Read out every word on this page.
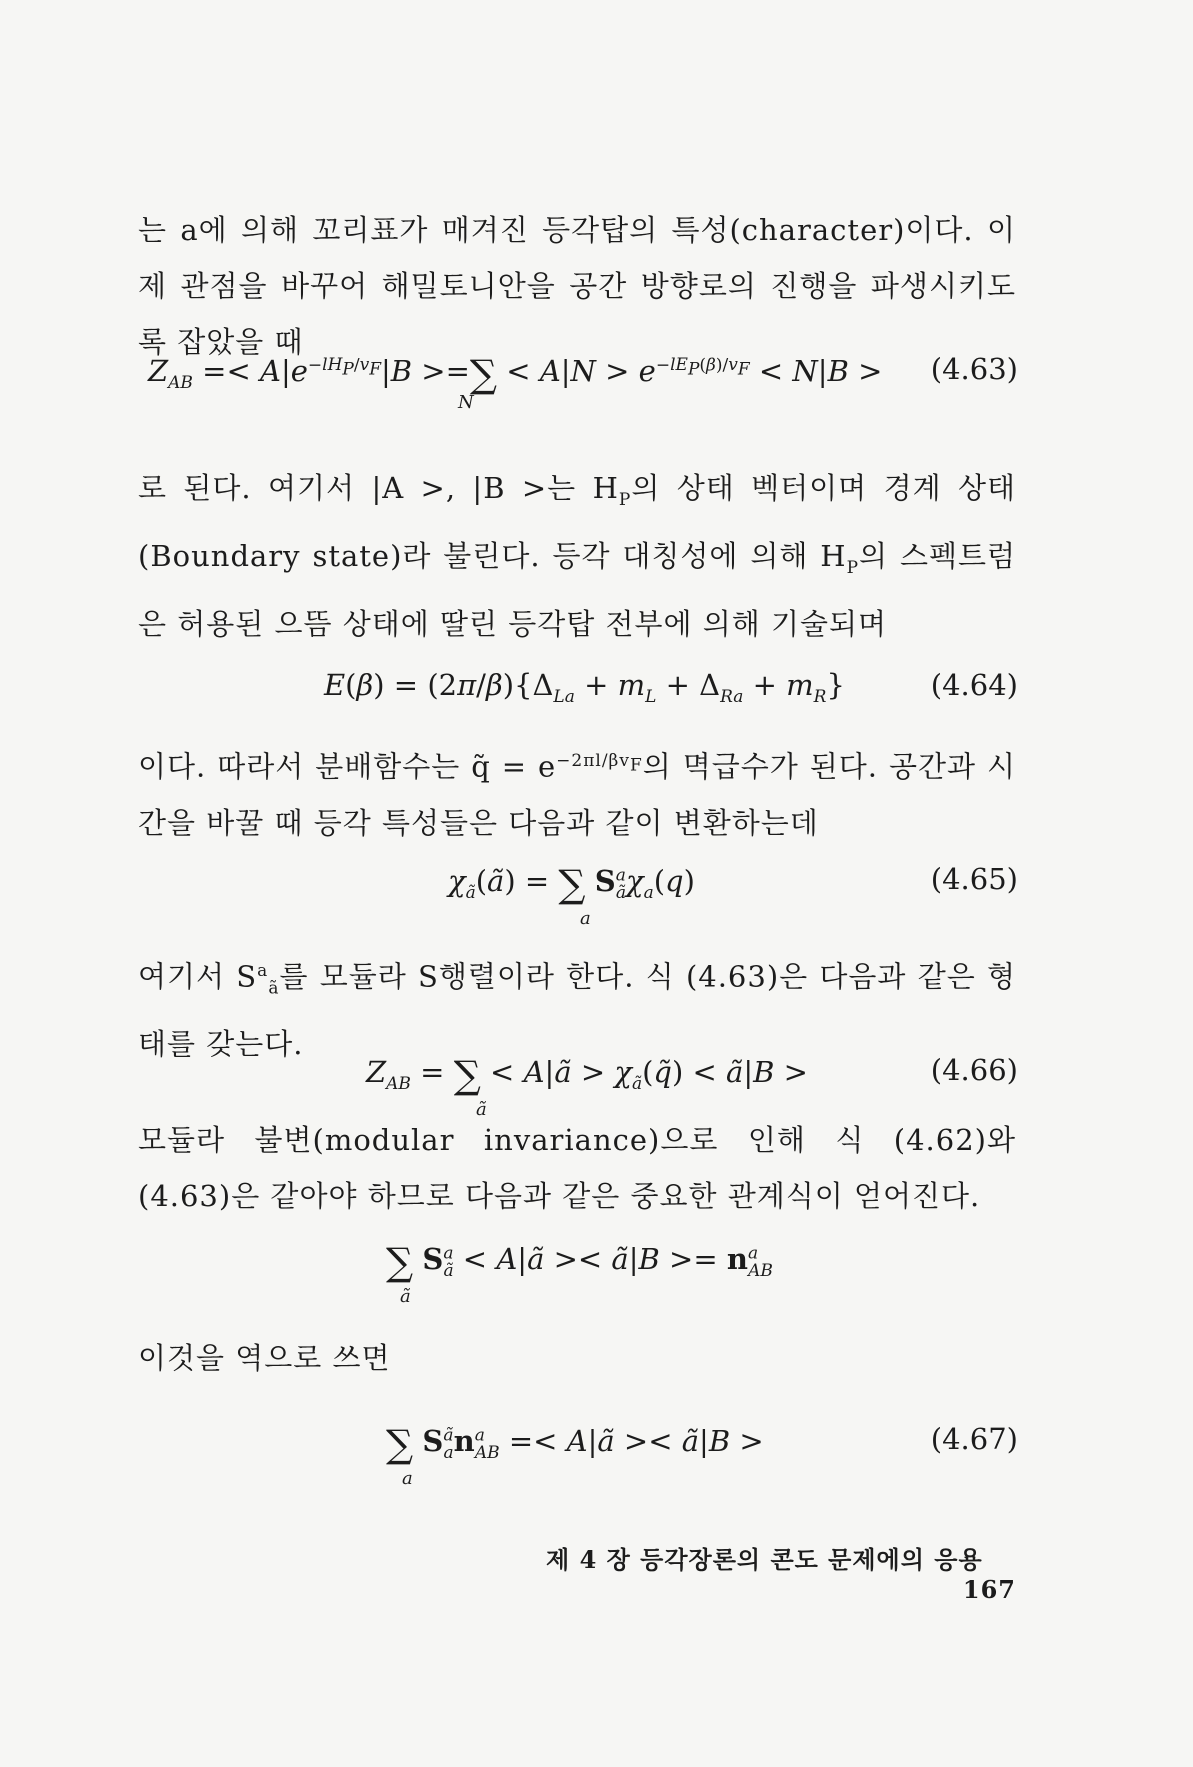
는 a에 의해 꼬리표가 매겨진 등각탑의 특성(character)이다. 이제 관점을 바꾸어 해밀토니안을 공간 방향로의 진행을 파생시키도록 잡았을 때

$Z_{AB} =< A|e^{-lH_P/v_F}|B$ >=∑ < $A|N > e^{-lE_P(\beta)/v_F} < N|B$ >
N
(4.63)

로 된다. 여기서 |A >, |B >는 $H_P$의 상태 벡터이며 경계 상태(Boundary state)라 불린다. 등각 대칭성에 의해 $H_P$의 스펙트럼은 허용된 으뜸 상태에 딸린 등각탑 전부에 의해 기술되며

$E(\beta) = (2\pi/\beta)\{\Delta_{La} + m_L + \Delta_{Ra} + m_R\}$	(4.64)

이다. 따라서 분배함수는 q̃ = $e^{-2\pi l/\beta v_F}$의 멱급수가 된다. 공간과 시간을 바꿀 때 등각 특성들은 다음과 같이 변환하는데

$\chi_ã(ã)$ = ∑ $S^a_ã\chi_a(q)$
a
(4.65)

여기서 $S^a_ã$를 모듈라 S행렬이라 한다. 식 (4.63)은 다음과 같은 형태를 갖는다.

$Z_{AB}$ = ∑ < A|ã > $\chi_ã(q̃)$ < ã|B >
ã
(4.66)

모듈라 불변(modular invariance)으로 인해 식 (4.62)와 (4.63)은 같아야 하므로 다음과 같은 중요한 관계식이 얻어진다.

∑ $S^a_ã$ < A|ã >< ã|B >= $n^a_{AB}$
ã

이것을 역으로 쓰면

∑ $S^ã_an^a_{AB}$ =< A|ã >< ã|B >
a
(4.67)
제 4 장 등각장론의 콘도 문제에의 응용  167
